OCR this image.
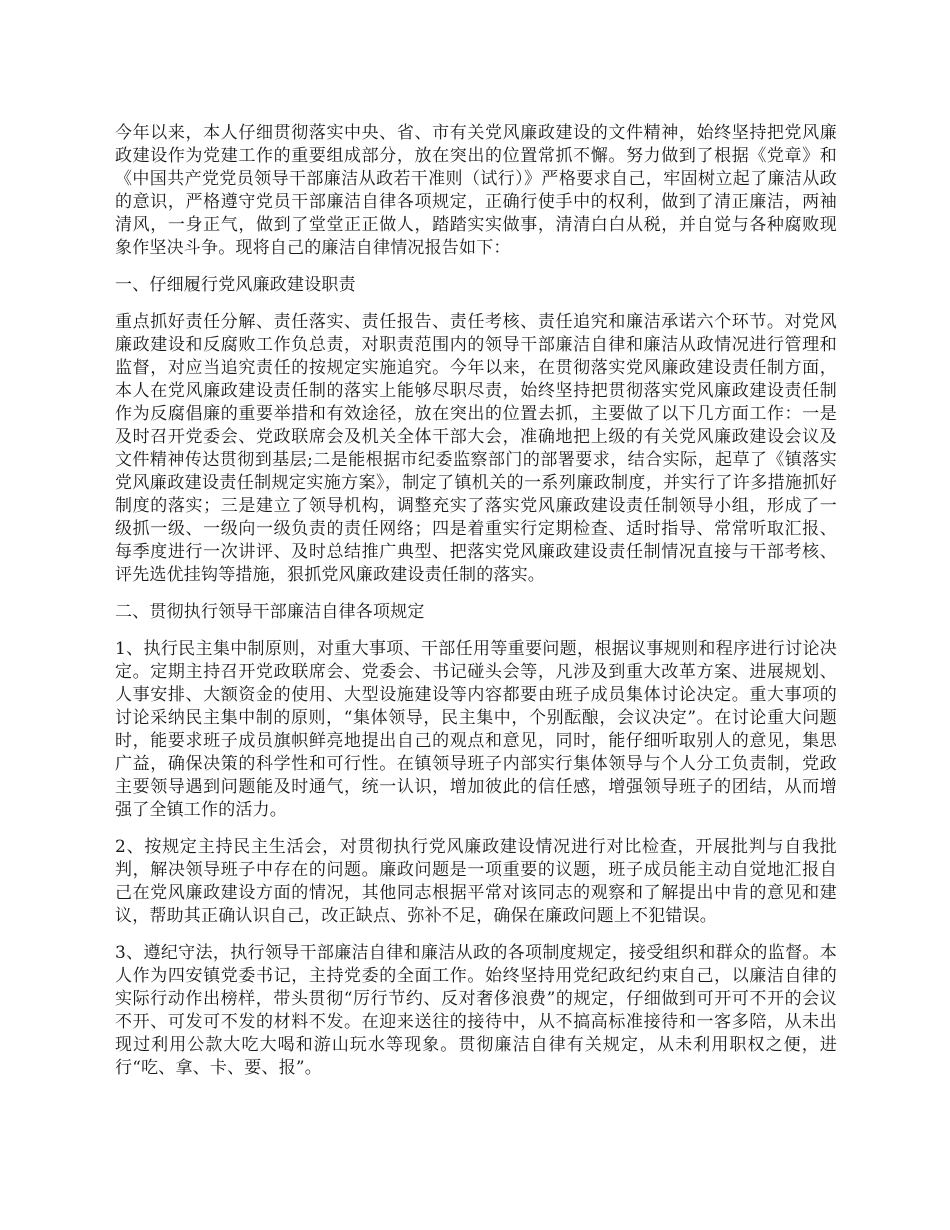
今年以来，本人仔细贯彻落实中央、省、市有关党风廉政建设的文件精神，始终坚持把党风廉政建设作为党建工作的重要组成部分，放在突出的位置常抓不懈。努力做到了根据《党章》和《中国共产党党员领导干部廉洁从政若干准则（试行）》严格要求自己，牢固树立起了廉洁从政的意识，严格遵守党员干部廉洁自律各项规定，正确行使手中的权利，做到了清正廉洁，两袖清风，一身正气，做到了堂堂正正做人，踏踏实实做事，清清白白从税，并自觉与各种腐败现象作坚决斗争。现将自己的廉洁自律情况报告如下：

一、仔细履行党风廉政建设职责

重点抓好责任分解、责任落实、责任报告、责任考核、责任追究和廉洁承诺六个环节。对党风廉政建设和反腐败工作负总责，对职责范围内的领导干部廉洁自律和廉洁从政情况进行管理和监督，对应当追究责任的按规定实施追究。今年以来，在贯彻落实党风廉政建设责任制方面，本人在党风廉政建设责任制的落实上能够尽职尽责，始终坚持把贯彻落实党风廉政建设责任制作为反腐倡廉的重要举措和有效途径，放在突出的位置去抓，主要做了以下几方面工作：一是及时召开党委会、党政联席会及机关全体干部大会，准确地把上级的有关党风廉政建设会议及文件精神传达贯彻到基层;二是能根据市纪委监察部门的部署要求，结合实际，起草了《镇落实党风廉政建设责任制规定实施方案》，制定了镇机关的一系列廉政制度，并实行了许多措施抓好制度的落实；三是建立了领导机构，调整充实了落实党风廉政建设责任制领导小组，形成了一级抓一级、一级向一级负责的责任网络；四是着重实行定期检查、适时指导、常常听取汇报、每季度进行一次讲评、及时总结推广典型、把落实党风廉政建设责任制情况直接与干部考核、评先选优挂钩等措施，狠抓党风廉政建设责任制的落实。

二、贯彻执行领导干部廉洁自律各项规定

1、执行民主集中制原则，对重大事项、干部任用等重要问题，根据议事规则和程序进行讨论决定。定期主持召开党政联席会、党委会、书记碰头会等，凡涉及到重大改革方案、进展规划、人事安排、大额资金的使用、大型设施建设等内容都要由班子成员集体讨论决定。重大事项的讨论采纳民主集中制的原则，“集体领导，民主集中，个别酝酿，会议决定”。在讨论重大问题时，能要求班子成员旗帜鲜亮地提出自己的观点和意见，同时，能仔细听取别人的意见，集思广益，确保决策的科学性和可行性。在镇领导班子内部实行集体领导与个人分工负责制，党政主要领导遇到问题能及时通气，统一认识，增加彼此的信任感，增强领导班子的团结，从而增强了全镇工作的活力。

2、按规定主持民主生活会，对贯彻执行党风廉政建设情况进行对比检查，开展批判与自我批判，解决领导班子中存在的问题。廉政问题是一项重要的议题，班子成员能主动自觉地汇报自己在党风廉政建设方面的情况，其他同志根据平常对该同志的观察和了解提出中肯的意见和建议，帮助其正确认识自己，改正缺点、弥补不足，确保在廉政问题上不犯错误。

3、遵纪守法，执行领导干部廉洁自律和廉洁从政的各项制度规定，接受组织和群众的监督。本人作为四安镇党委书记，主持党委的全面工作。始终坚持用党纪政纪约束自己，以廉洁自律的实际行动作出榜样，带头贯彻“厉行节约、反对奢侈浪费”的规定，仔细做到可开可不开的会议不开、可发可不发的材料不发。在迎来送往的接待中，从不搞高标准接待和一客多陪，从未出现过利用公款大吃大喝和游山玩水等现象。贯彻廉洁自律有关规定，从未利用职权之便，进行“吃、拿、卡、要、报”。
